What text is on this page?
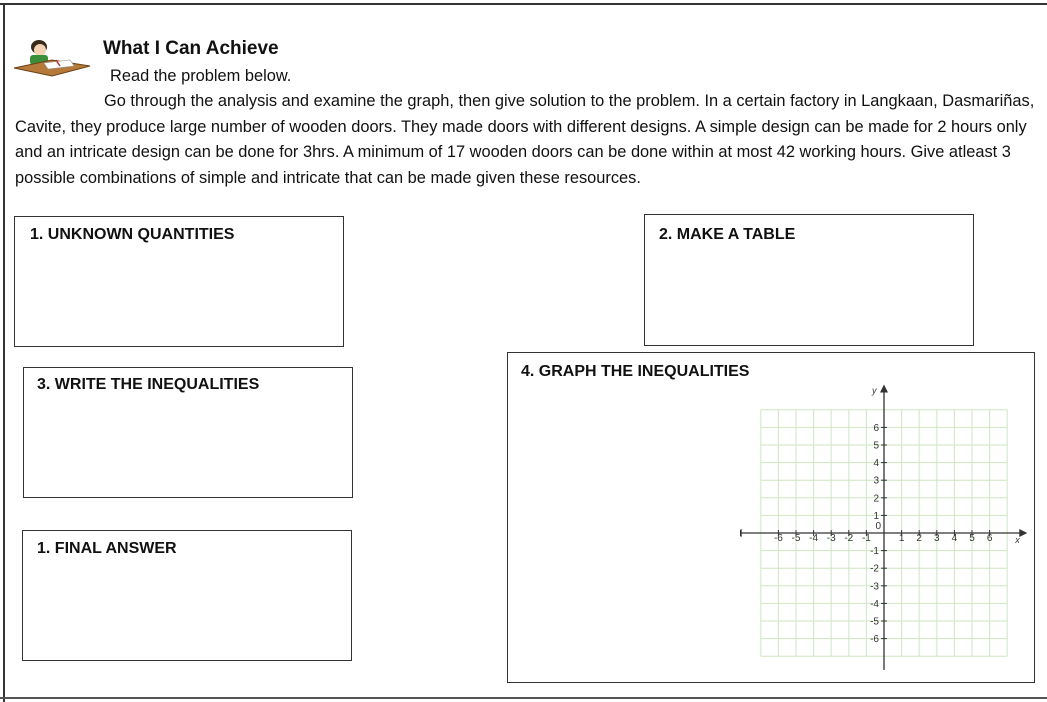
What I Can Achieve
Read the problem below.

Go through the analysis and examine the graph, then give solution to the problem. In a certain factory in Langkaan, Dasmariñas, Cavite, they produce large number of wooden doors. They made doors with different designs. A simple design can be made for 2 hours only and an intricate design can be done for 3hrs. A minimum of 17 wooden doors can be done within at most 42 working hours. Give atleast 3 possible combinations of simple and intricate that can be made given these resources.

1. UNKNOWN QUANTITIES	2. MAKE A TABLE
3. WRITE THE INEQUALITIES
4. GRAPH THE INEQUALITIES
1. FINAL ANSWER
-6 -5 -4 -3 -2 -1	1 2 3 4 5 6
6
5
4
3
2
1
-1
-2
-3
-4
-5
-6
0
x
y
